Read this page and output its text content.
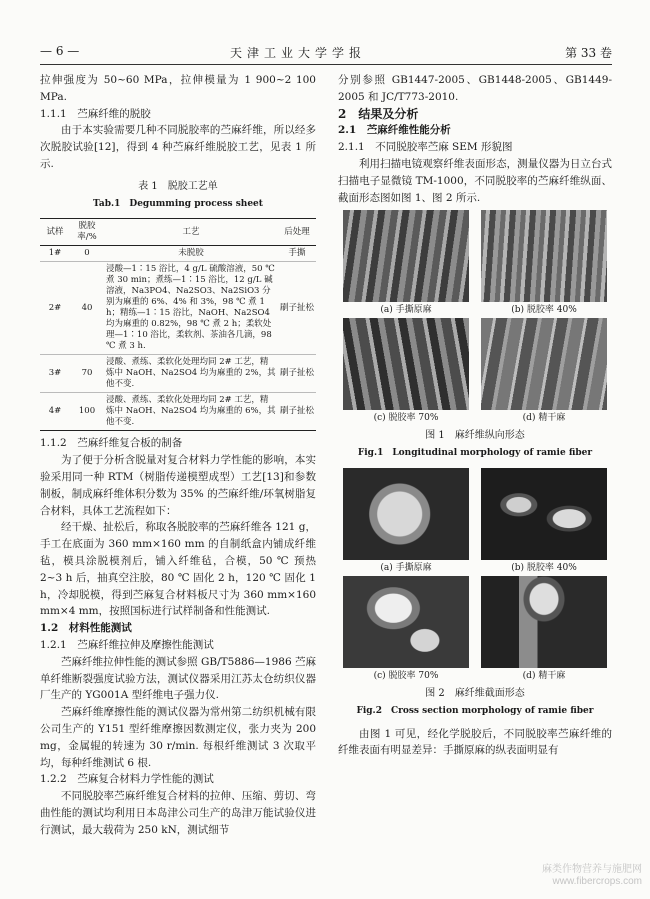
— 6 —	天津工业大学学报	第 33 卷

拉伸强度为 50~60 MPa，拉伸模量为 1 900~2 100 MPa.

1.1.1　苎麻纤维的脱胶

由于本实验需要几种不同脱胶率的苎麻纤维，所以经多次脱胶试验[12]，得到 4 种苎麻纤维脱胶工艺，见表 1 所示.

表 1　脱胶工艺单
Tab.1　Degumming process sheet
试样	脱胶率/%	工艺	后处理
1#	0	未脱胶	手撕
2#	40	浸酸—1∶15 浴比，4 g/L 硫酸溶液，50 ℃ 煮 30 min；煮练—1∶15 浴比，12 g/L 碱溶液，Na3PO4、Na2SO3、Na2SiO3 分别为麻重的 6%、4% 和 3%，98 ℃ 煮 1 h；精练—1∶15 浴比，NaOH、Na2SO4 均为麻重的 0.82%，98 ℃ 煮 2 h；柔软处理—1∶10 浴比，柔软剂、茶油各几滴，98 ℃ 煮 3 h.	刷子扯松
3#	70	浸酸、煮练、柔软化处理均同 2# 工艺，精炼中 NaOH、Na2SO4 均为麻重的 2%，其他不变.	刷子扯松
4#	100	浸酸、煮练、柔软化处理均同 2# 工艺，精炼中 NaOH、Na2SO4 均为麻重的 6%，其他不变.	刷子扯松

1.1.2　苎麻纤维复合板的制备

为了便于分析含脱量对复合材料力学性能的影响，本实验采用同一种 RTM（树脂传递模塑成型）工艺[13]和参数制板，制成麻纤维体积分数为 35% 的苎麻纤维/环氧树脂复合材料，具体工艺流程如下：

经干燥、扯松后，称取各脱胶率的苎麻纤维各 121 g，手工在底面为 360 mm×160 mm 的自制纸盒内铺成纤维毡，模具涂脱模剂后，铺入纤维毡，合模，50 ℃ 预热 2~3 h 后，抽真空注胶，80 ℃ 固化 2 h，120 ℃ 固化 1 h，冷却脱模，得到苎麻复合材料板尺寸为 360 mm×160 mm×4 mm，按照国标进行试样制备和性能测试.

1.2　材料性能测试

1.2.1　苎麻纤维拉伸及摩擦性能测试

苎麻纤维拉伸性能的测试参照 GB/T5886—1986 苎麻单纤维断裂强度试验方法，测试仪器采用江苏太仓纺织仪器厂生产的 YG001A 型纤维电子强力仪.

苎麻纤维摩擦性能的测试仪器为常州第二纺织机械有限公司生产的 Y151 型纤维摩擦因数测定仪，张力夹为 200 mg，金属辊的转速为 30 r/min. 每根纤维测试 3 次取平均，每种纤维测试 6 根.

1.2.2　苎麻复合材料力学性能的测试

不同脱胶率苎麻纤维复合材料的拉伸、压缩、剪切、弯曲性能的测试均利用日本岛津公司生产的岛津万能试验仪进行测试，最大载荷为 250 kN，测试细节

分别参照 GB1447-2005、GB1448-2005、GB1449-2005 和 JC/T773-2010.

2　结果及分析

2.1　苎麻纤维性能分析

2.1.1　不同脱胶率苎麻 SEM 形貌图

利用扫描电镜观察纤维表面形态，测量仪器为日立台式扫描电子显微镜 TM-1000，不同脱胶率的苎麻纤维纵面、截面形态图如图 1、图 2 所示.

(a) 手撕原麻	(b) 脱胶率 40%
(c) 脱胶率 70%	(d) 精干麻
图 1　麻纤维纵向形态
Fig.1　Longitudinal morphology of ramie fiber
(a) 手撕原麻	(b) 脱胶率 40%
(c) 脱胶率 70%	(d) 精干麻
图 2　麻纤维截面形态
Fig.2　Cross section morphology of ramie fiber

由图 1 可见，经化学脱胶后，不同脱胶率苎麻纤维的纤维表面有明显差异：手撕原麻的纵表面明显有

麻类作物营养与施肥网
www.fibercrops.com
